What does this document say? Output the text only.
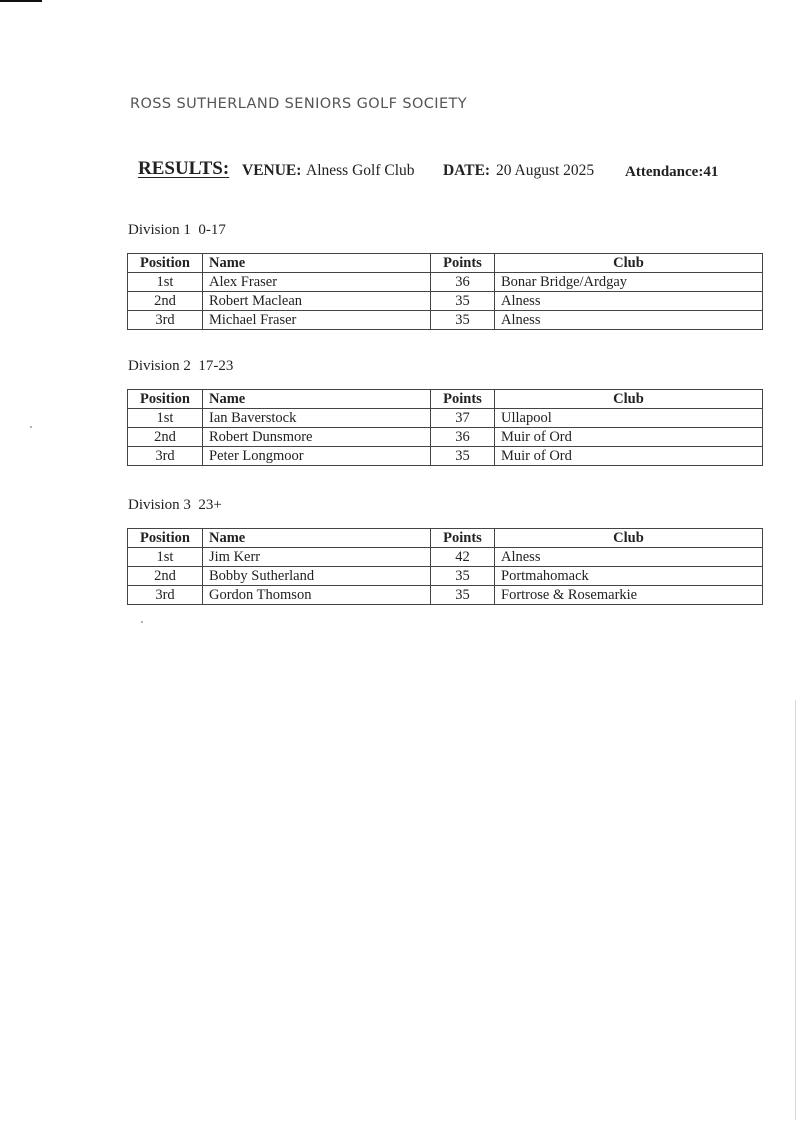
ROSS SUTHERLAND SENIORS GOLF SOCIETY
RESULTS: VENUE: Alness Golf Club DATE: 20 August 2025 Attendance:41
Division 1  0-17
Position	Name	Points	Club
1st	Alex Fraser	36	Bonar Bridge/Ardgay
2nd	Robert Maclean	35	Alness
3rd	Michael Fraser	35	Alness
Division 2  17-23
Position	Name	Points	Club
1st	Ian Baverstock	37	Ullapool
2nd	Robert Dunsmore	36	Muir of Ord
3rd	Peter Longmoor	35	Muir of Ord
Division 3  23+
Position	Name	Points	Club
1st	Jim Kerr	42	Alness
2nd	Bobby Sutherland	35	Portmahomack
3rd	Gordon Thomson	35	Fortrose & Rosemarkie
